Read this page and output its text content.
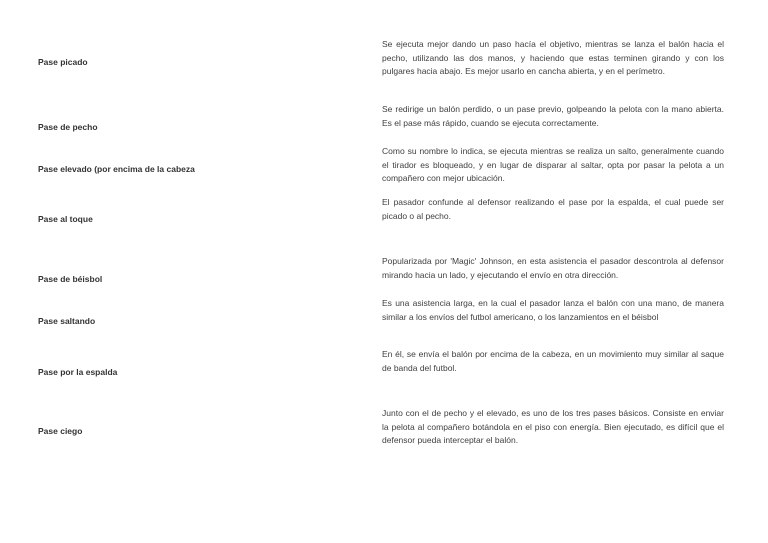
Pase picado
Pase de pecho
Pase elevado (por encima de la cabeza
Pase al toque
Pase de béisbol
Pase saltando
Pase por la espalda
Pase ciego
Se ejecuta mejor dando un paso hacía el objetivo, mientras se lanza el balón hacia el pecho, utilizando las dos manos, y haciendo que estas terminen girando y con los pulgares hacia abajo. Es mejor usarlo en cancha abierta, y en el perímetro.
Se redirige un balón perdido, o un pase previo, golpeando la pelota con la mano abierta. Es el pase más rápido, cuando se ejecuta correctamente.
Como su nombre lo indica, se ejecuta mientras se realiza un salto, generalmente cuando el tirador es bloqueado, y en lugar de disparar al saltar, opta por pasar la pelota a un compañero con mejor ubicación.
El pasador confunde al defensor realizando el pase por la espalda, el cual puede ser picado o al pecho.
Popularizada por 'Magic' Johnson, en esta asistencia el pasador descontrola al defensor mirando hacia un lado, y ejecutando el envío en otra dirección.
Es una asistencia larga, en la cual el pasador lanza el balón con una mano, de manera similar a los envíos del futbol americano, o los lanzamientos en el béisbol
En él, se envía el balón por encima de la cabeza, en un movimiento muy similar al saque de banda del futbol.
Junto con el de pecho y el elevado, es uno de los tres pases básicos. Consiste en enviar la pelota al compañero botándola en el piso con energía. Bien ejecutado, es difícil que el defensor pueda interceptar el balón.
